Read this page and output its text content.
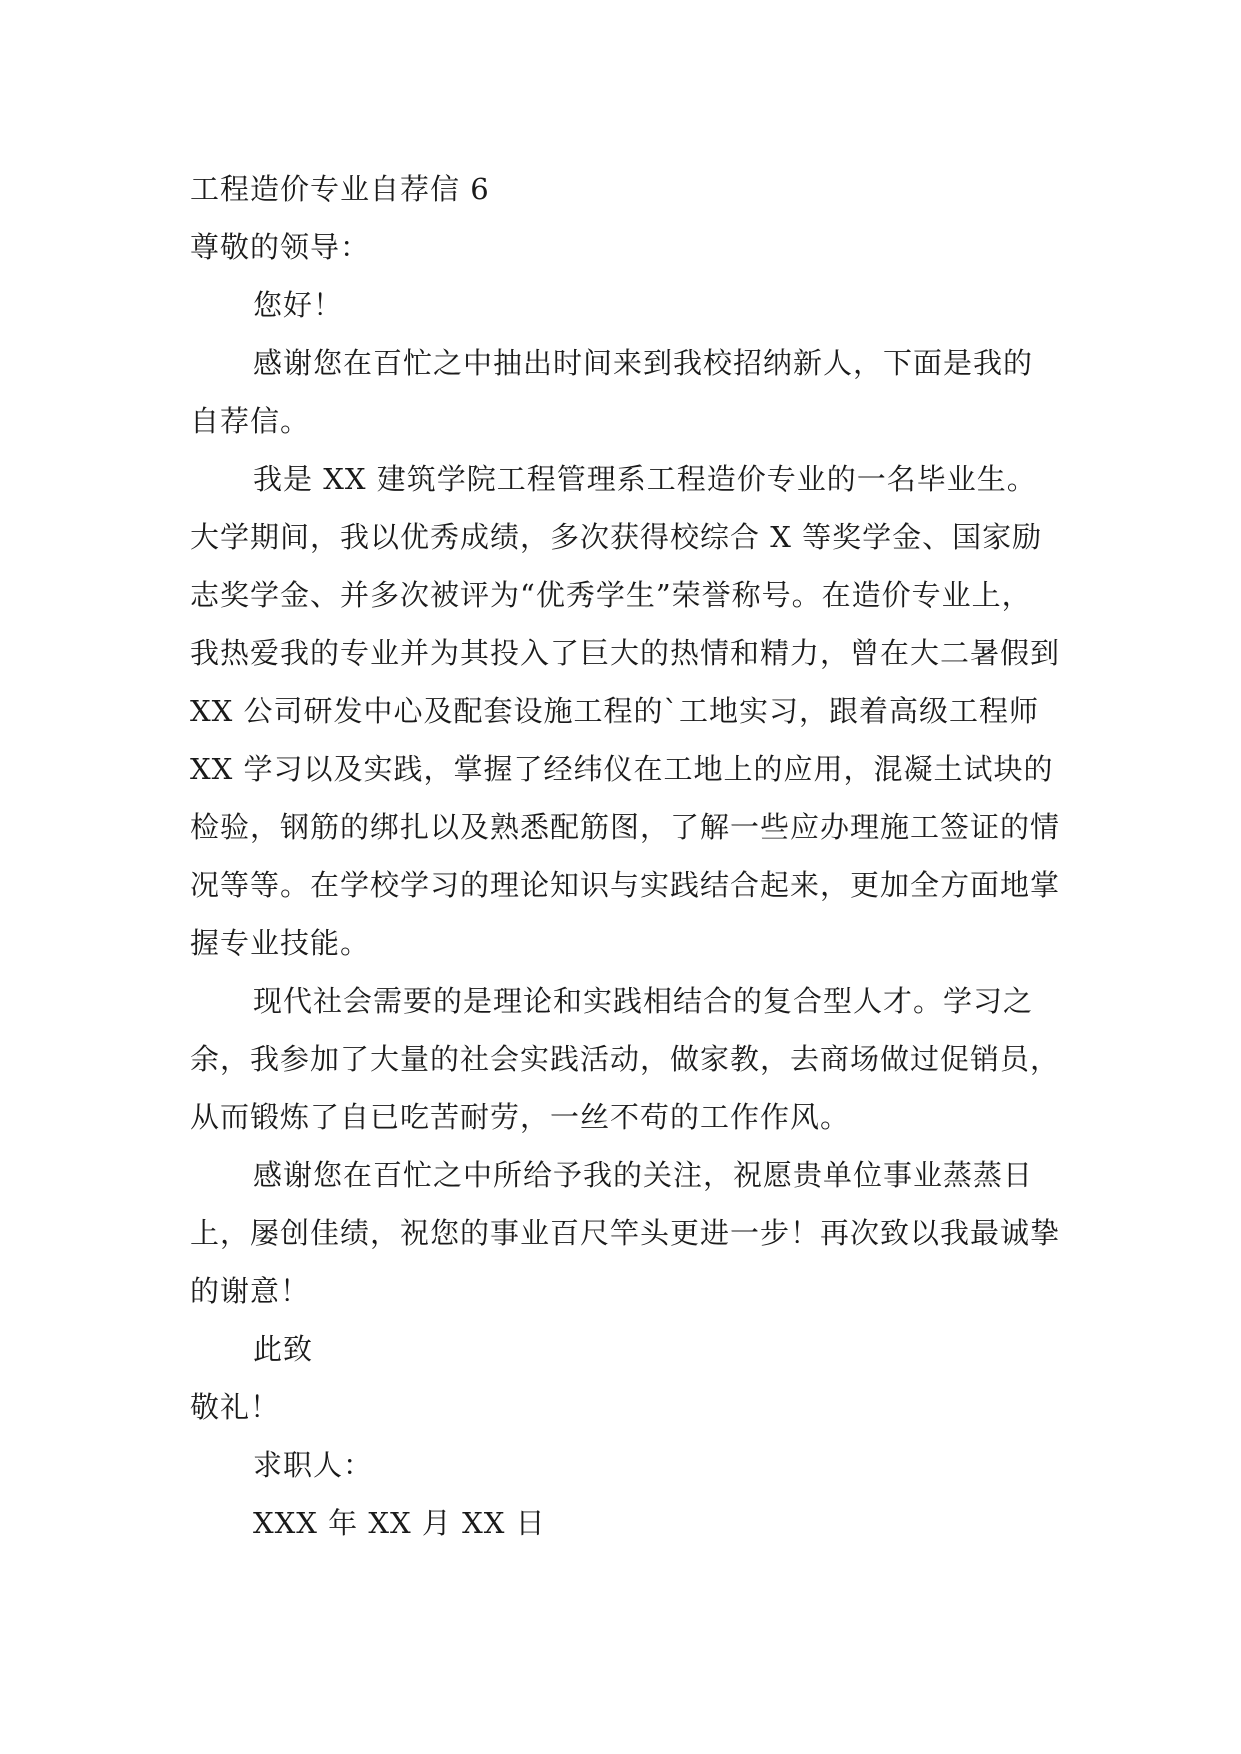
工程造价专业自荐信 6

尊敬的领导：

您好！

感谢您在百忙之中抽出时间来到我校招纳新人，下面是我的自荐信。

我是 XX 建筑学院工程管理系工程造价专业的一名毕业生。大学期间，我以优秀成绩，多次获得校综合 X 等奖学金、国家励志奖学金、并多次被评为“优秀学生”荣誉称号。在造价专业上，我热爱我的专业并为其投入了巨大的热情和精力，曾在大二暑假到 XX 公司研发中心及配套设施工程的`工地实习，跟着高级工程师 XX 学习以及实践，掌握了经纬仪在工地上的应用，混凝土试块的检验，钢筋的绑扎以及熟悉配筋图，了解一些应办理施工签证的情况等等。在学校学习的理论知识与实践结合起来，更加全方面地掌握专业技能。

现代社会需要的是理论和实践相结合的复合型人才。学习之余，我参加了大量的社会实践活动，做家教，去商场做过促销员，从而锻炼了自已吃苦耐劳，一丝不苟的工作作风。

感谢您在百忙之中所给予我的关注，祝愿贵单位事业蒸蒸日上，屡创佳绩，祝您的事业百尺竿头更进一步！再次致以我最诚挚的谢意！

此致

敬礼！

求职人：

XXX 年 XX 月 XX 日
